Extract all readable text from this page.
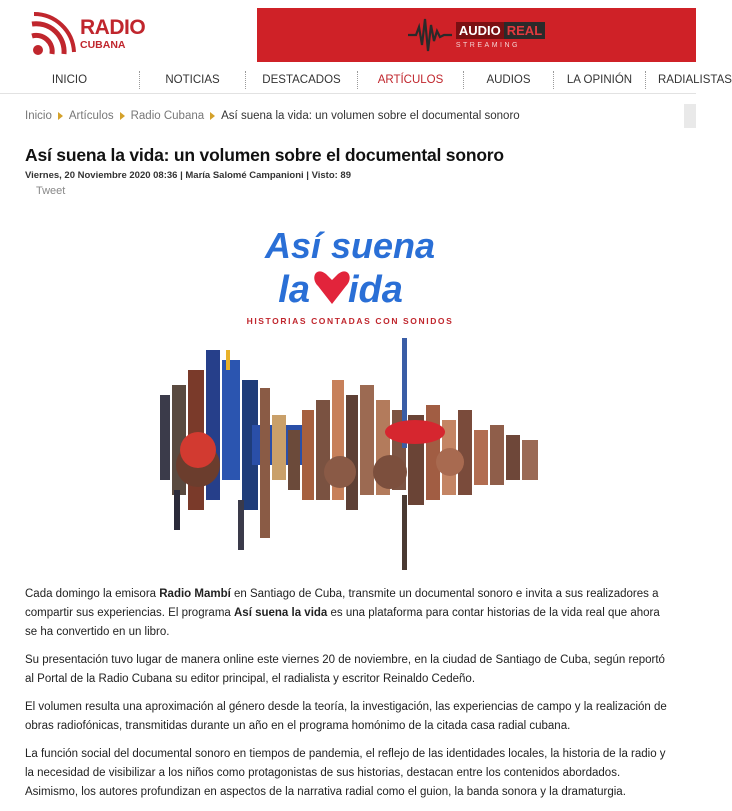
RADIO
CUBANA
AUDIO REAL
STREAMING
INICIO	NOTICIAS	DESTACADOS	ARTÍCULOS	AUDIOS	LA OPINIÓN	RADIALISTAS
Inicio Artículos Radio Cubana Así suena la vida: un volumen sobre el documental sonoro
Así suena la vida: un volumen sobre el documental sonoro
Viernes, 20 Noviembre 2020 08:36 | María Salomé Campanioni | Visto: 89
Tweet
Así suena
la ida
HISTORIAS CONTADAS CON SONIDOS

Cada domingo la emisora Radio Mambí en Santiago de Cuba, transmite un documental sonoro e invita a sus realizadores a compartir sus experiencias. El programa Así suena la vida es una plataforma para contar historias de la vida real que ahora se ha convertido en un libro.

Su presentación tuvo lugar de manera online este viernes 20 de noviembre, en la ciudad de Santiago de Cuba, según reportó al Portal de la Radio Cubana su editor principal, el radialista y escritor Reinaldo Cedeño.

El volumen resulta una aproximación al género desde la teoría, la investigación, las experiencias de campo y la realización de obras radiofónicas, transmitidas durante un año en el programa homónimo de la citada casa radial cubana.

La función social del documental sonoro en tiempos de pandemia, el reflejo de las identidades locales, la historia de la radio y la necesidad de visibilizar a los niños como protagonistas de sus historias, destacan entre los contenidos abordados. Asimismo, los autores profundizan en aspectos de la narrativa radial como el guion, la banda sonora y la dramaturgia.
